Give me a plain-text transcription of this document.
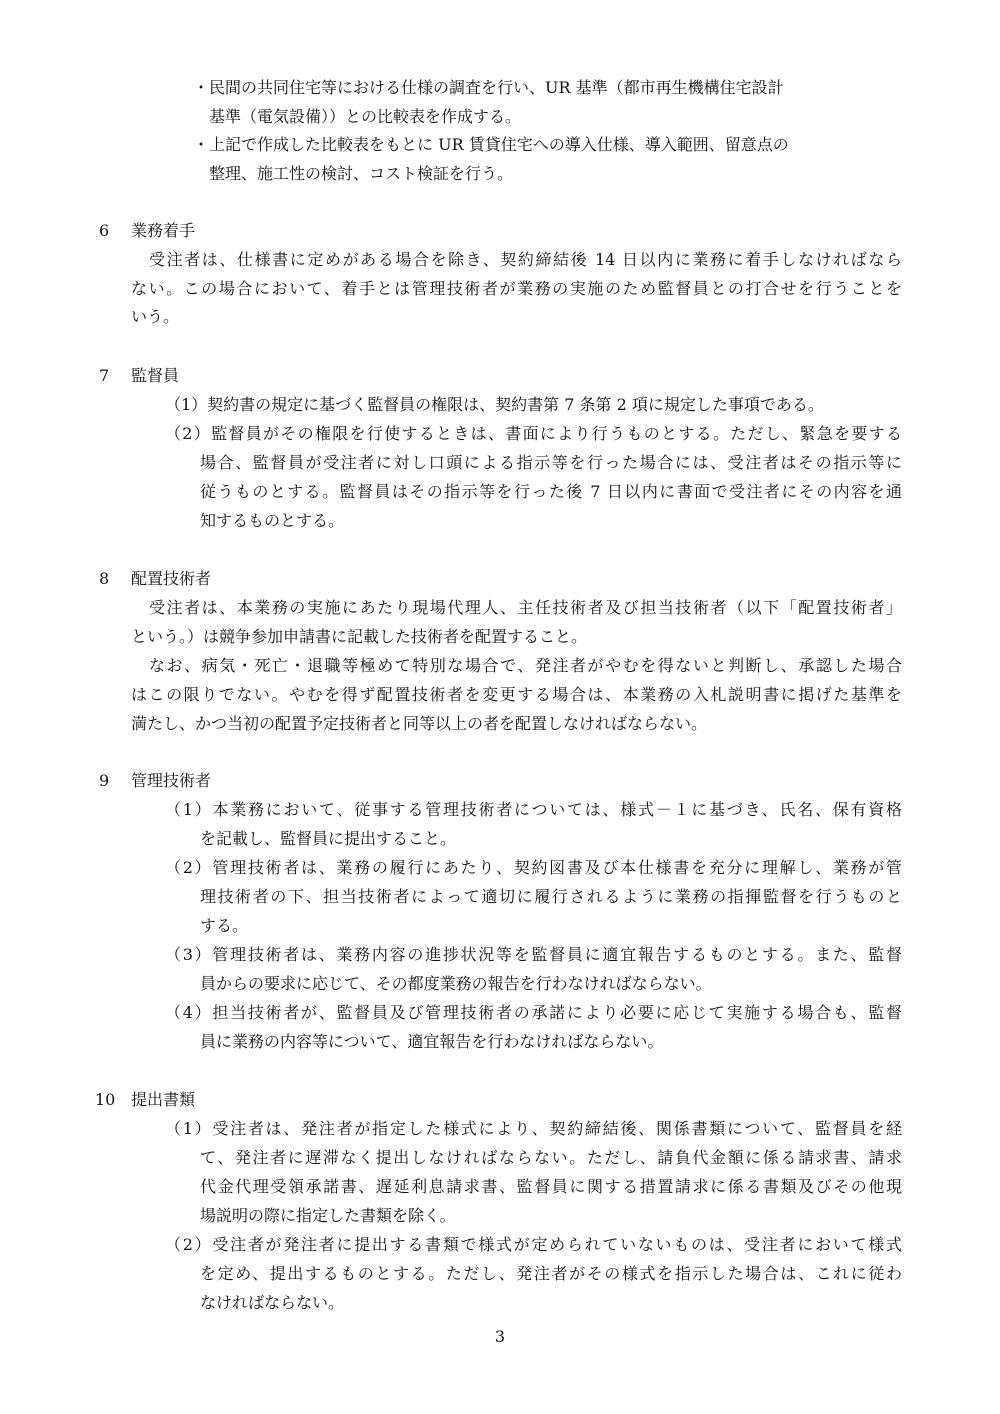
・民間の共同住宅等における仕様の調査を行い、UR 基準（都市再生機構住宅設計

基準（電気設備））との比較表を作成する。

・上記で作成した比較表をもとに UR 賃貸住宅への導入仕様、導入範囲、留意点の

整理、施工性の検討、コスト検証を行う。

6 業務着手

受注者は、仕様書に定めがある場合を除き、契約締結後 14 日以内に業務に着手しなければなら

ない。この場合において、着手とは管理技術者が業務の実施のため監督員との打合せを行うことを

いう。

7 監督員

（1）契約書の規定に基づく監督員の権限は、契約書第 7 条第 2 項に規定した事項である。

（2）監督員がその権限を行使するときは、書面により行うものとする。ただし、緊急を要する

場合、監督員が受注者に対し口頭による指示等を行った場合には、受注者はその指示等に

従うものとする。監督員はその指示等を行った後 7 日以内に書面で受注者にその内容を通

知するものとする。

8 配置技術者

受注者は、本業務の実施にあたり現場代理人、主任技術者及び担当技術者（以下「配置技術者」

という。）は競争参加申請書に記載した技術者を配置すること。

なお、病気・死亡・退職等極めて特別な場合で、発注者がやむを得ないと判断し、承認した場合

はこの限りでない。やむを得ず配置技術者を変更する場合は、本業務の入札説明書に掲げた基準を

満たし、かつ当初の配置予定技術者と同等以上の者を配置しなければならない。

9 管理技術者

（1）本業務において、従事する管理技術者については、様式－１に基づき、氏名、保有資格

を記載し、監督員に提出すること。

（2）管理技術者は、業務の履行にあたり、契約図書及び本仕様書を充分に理解し、業務が管

理技術者の下、担当技術者によって適切に履行されるように業務の指揮監督を行うものと

する。

（3）管理技術者は、業務内容の進捗状況等を監督員に適宜報告するものとする。また、監督

員からの要求に応じて、その都度業務の報告を行わなければならない。

（4）担当技術者が、監督員及び管理技術者の承諾により必要に応じて実施する場合も、監督

員に業務の内容等について、適宜報告を行わなければならない。

10 提出書類

（1）受注者は、発注者が指定した様式により、契約締結後、関係書類について、監督員を経

て、発注者に遅滞なく提出しなければならない。ただし、請負代金額に係る請求書、請求

代金代理受領承諾書、遅延利息請求書、監督員に関する措置請求に係る書類及びその他現

場説明の際に指定した書類を除く。

（2）受注者が発注者に提出する書類で様式が定められていないものは、受注者において様式

を定め、提出するものとする。ただし、発注者がその様式を指示した場合は、これに従わ

なければならない。

3
